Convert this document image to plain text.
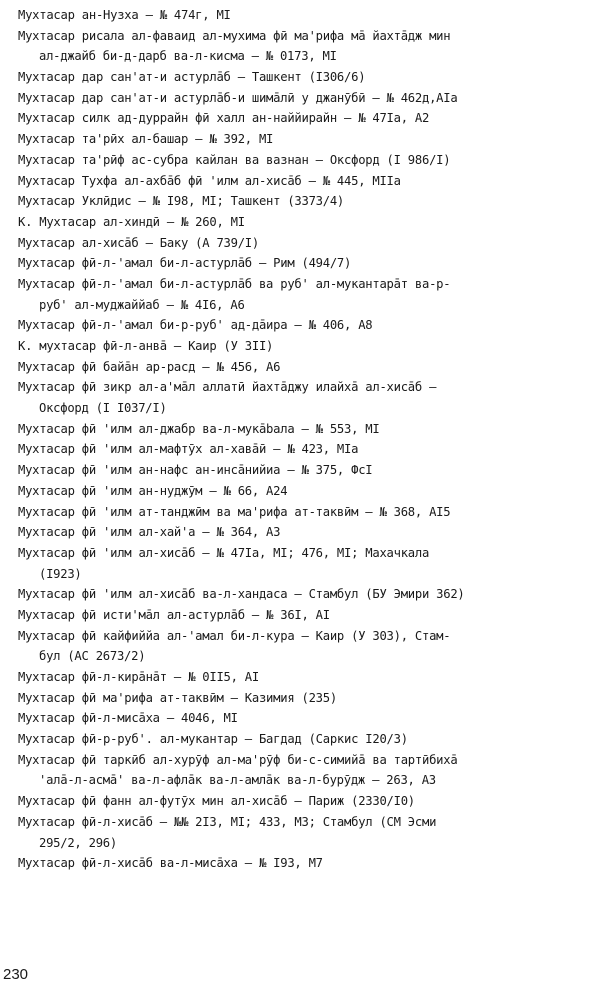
Мухтасар ан-Нузха – № 474г, MI
Мухтасар рисала ал-фаваид ал-мухима фӣ ма'рифа мā йахтāдж мин
ал-джайб би-д-дарб ва-л-кисма – № 0173, MI
Мухтасар дар сан'ат-и астурлāб – Ташкент (I306/6)
Мухтасар дар сан'ат-и астурлāб-и шимāлӣ у джанӯбӣ – № 462д,АIа
Мухтасар силк ад-дуррайн фӣ халл ан-наййирайн – № 47Iа, А2
Мухтасар та'рӣх ал-башар – № 392, МI
Мухтасар та'рӣф ас-субра кайлан ва вазнан – Оксфорд (I 986/I)
Мухтасар Тухфа ал-ахбāб фӣ 'илм ал-хисāб – № 445, МIIа
Мухтасар Уклӣдис – № I98, МI; Ташкент (3373/4)
К. Мухтасар ал-хиндӣ – № 260, МI
Мухтасар ал-хисāб – Баку (А 739/I)
Мухтасар фӣ-л-'амал би-л-астурлāб – Рим (494/7)
Мухтасар фӣ-л-'амал би-л-астурлāб ва руб' ал-мукантарāт ва-р-
руб' ал-муджаййаб – № 4I6, А6
Мухтасар фӣ-л-'амал би-р-руб' ад-дāира – № 406, А8
К. мухтасар фӣ-л-анвā – Каир (У 3II)
Мухтасар фӣ байāн ар-расд – № 456, А6
Мухтасар фӣ зикр ал-а'мāл аллатӣ йахтāджу илайхā ал-хисāб –
Оксфорд (I I037/I)
Мухтасар фӣ 'илм ал-джабр ва-л-мукābала – № 553, МI
Мухтасар фӣ 'илм ал-мафтӯх ал-хавāӣ – № 423, МIа
Мухтасар фӣ 'илм ан-нафс ан-инсāнийиа – № 375, ФсI
Мухтасар фӣ 'илм ан-нуджӯм – № 66, А24
Мухтасар фӣ 'илм ат-танджӣм ва ма'рифа ат-таквӣм – № 368, АI5
Мухтасар фӣ 'илм ал-хай'а – № 364, А3
Мухтасар фӣ 'илм ал-хисāб – № 47Iа, МI; 476, МI; Махачкала
(I923)
Мухтасар фӣ 'илм ал-хисāб ва-л-хандаса – Стамбул (БУ Эмири 362)
Мухтасар фӣ исти'мāл ал-астурлāб – № 36I, АI
Мухтасар фӣ кайфиййа ал-'амал би-л-кура – Каир (У 303), Стам-
бул (АС 2673/2)
Мухтасар фӣ-л-кирāнāт – № 0II5, АI
Мухтасар фӣ ма'рифа ат-таквӣм – Казимия (235)
Мухтасар фӣ-л-мисāха – 4046, МI
Мухтасар фӣ-р-руб'. ал-мукантар – Багдад (Саркис I20/3)
Мухтасар фӣ таркӣб ал-хурӯф ал-ма'рӯф би-с-симийā ва тартӣбихā
'алā-л-асмā' ва-л-афлāк ва-л-амлāк ва-л-бурӯдж – 263, А3
Мухтасар фӣ фанн ал-футӯх мин ал-хисāб – Париж (2330/I0)
Мухтасар фӣ-л-хисāб – №№ 2I3, МI; 433, М3; Стамбул (СМ Эсми
295/2, 296)
Мухтасар фӣ-л-хисāб ва-л-мисāха – № I93, М7
230
